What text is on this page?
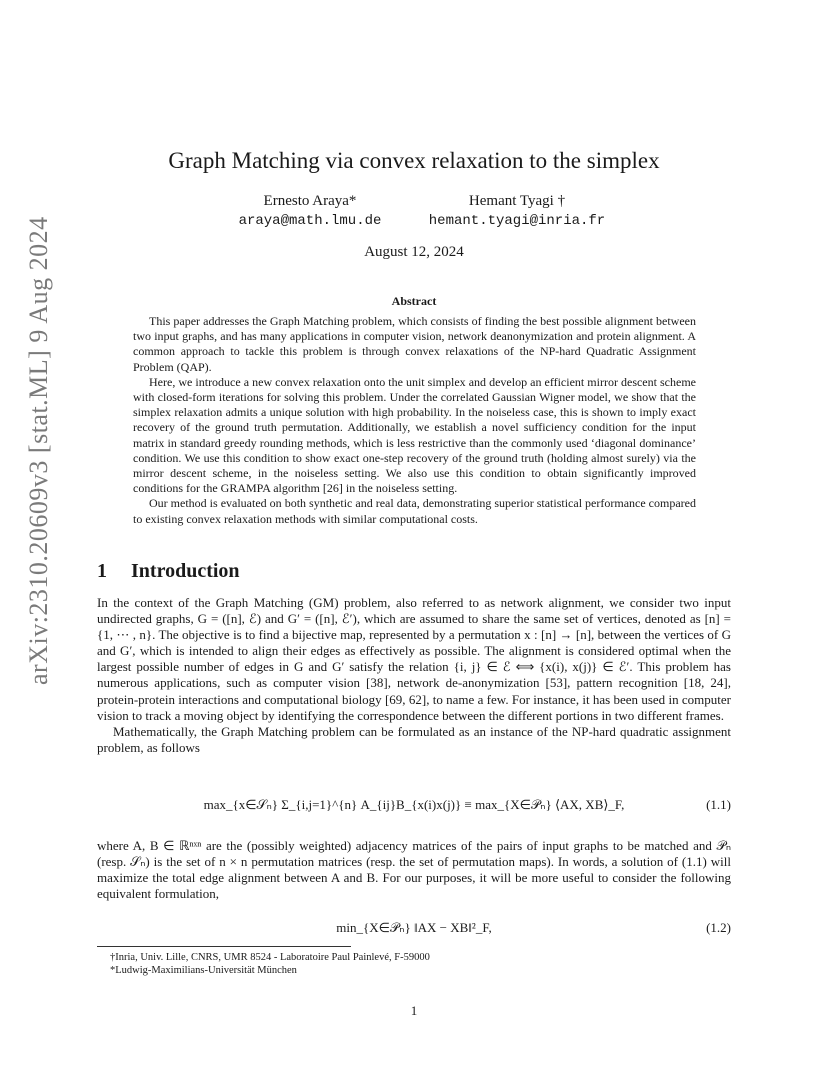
arXiv:2310.20609v3 [stat.ML] 9 Aug 2024
Graph Matching via convex relaxation to the simplex
Ernesto Araya*
araya@math.lmu.de
Hemant Tyagi †
hemant.tyagi@inria.fr
August 12, 2024
Abstract

This paper addresses the Graph Matching problem, which consists of finding the best possible alignment between two input graphs, and has many applications in computer vision, network deanonymization and protein alignment. A common approach to tackle this problem is through convex relaxations of the NP-hard Quadratic Assignment Problem (QAP).

Here, we introduce a new convex relaxation onto the unit simplex and develop an efficient mirror descent scheme with closed-form iterations for solving this problem. Under the correlated Gaussian Wigner model, we show that the simplex relaxation admits a unique solution with high probability. In the noiseless case, this is shown to imply exact recovery of the ground truth permutation. Additionally, we establish a novel sufficiency condition for the input matrix in standard greedy rounding methods, which is less restrictive than the commonly used ‘diagonal dominance’ condition. We use this condition to show exact one-step recovery of the ground truth (holding almost surely) via the mirror descent scheme, in the noiseless setting. We also use this condition to obtain significantly improved conditions for the GRAMPA algorithm [26] in the noiseless setting.

Our method is evaluated on both synthetic and real data, demonstrating superior statistical performance compared to existing convex relaxation methods with similar computational costs.

1 Introduction

In the context of the Graph Matching (GM) problem, also referred to as network alignment, we consider two input undirected graphs, G = ([n], ℰ) and G′ = ([n], ℰ′), which are assumed to share the same set of vertices, denoted as [n] = {1, ⋯ , n}. The objective is to find a bijective map, represented by a permutation x : [n] → [n], between the vertices of G and G′, which is intended to align their edges as effectively as possible. The alignment is considered optimal when the largest possible number of edges in G and G′ satisfy the relation {i, j} ∈ ℰ ⟺ {x(i), x(j)} ∈ ℰ′. This problem has numerous applications, such as computer vision [38], network de-anonymization [53], pattern recognition [18, 24], protein-protein interactions and computational biology [69, 62], to name a few. For instance, it has been used in computer vision to track a moving object by identifying the correspondence between the different portions in two different frames.

Mathematically, the Graph Matching problem can be formulated as an instance of the NP-hard quadratic assignment problem, as follows

max_{x∈𝒮ₙ} Σ_{i,j=1}^{n} A_{ij}B_{x(i)x(j)} ≡ max_{X∈𝒫ₙ} ⟨AX, XB⟩_F,	(1.1)

where A, B ∈ ℝⁿˣⁿ are the (possibly weighted) adjacency matrices of the pairs of input graphs to be matched and 𝒫ₙ (resp. 𝒮ₙ) is the set of n × n permutation matrices (resp. the set of permutation maps). In words, a solution of (1.1) will maximize the total edge alignment between A and B. For our purposes, it will be more useful to consider the following equivalent formulation,

min_{X∈𝒫ₙ} ‖AX − XB‖²_F,	(1.2)

†Inria, Univ. Lille, CNRS, UMR 8524 - Laboratoire Paul Painlevé, F-59000

*Ludwig-Maximilians-Universität München

1
